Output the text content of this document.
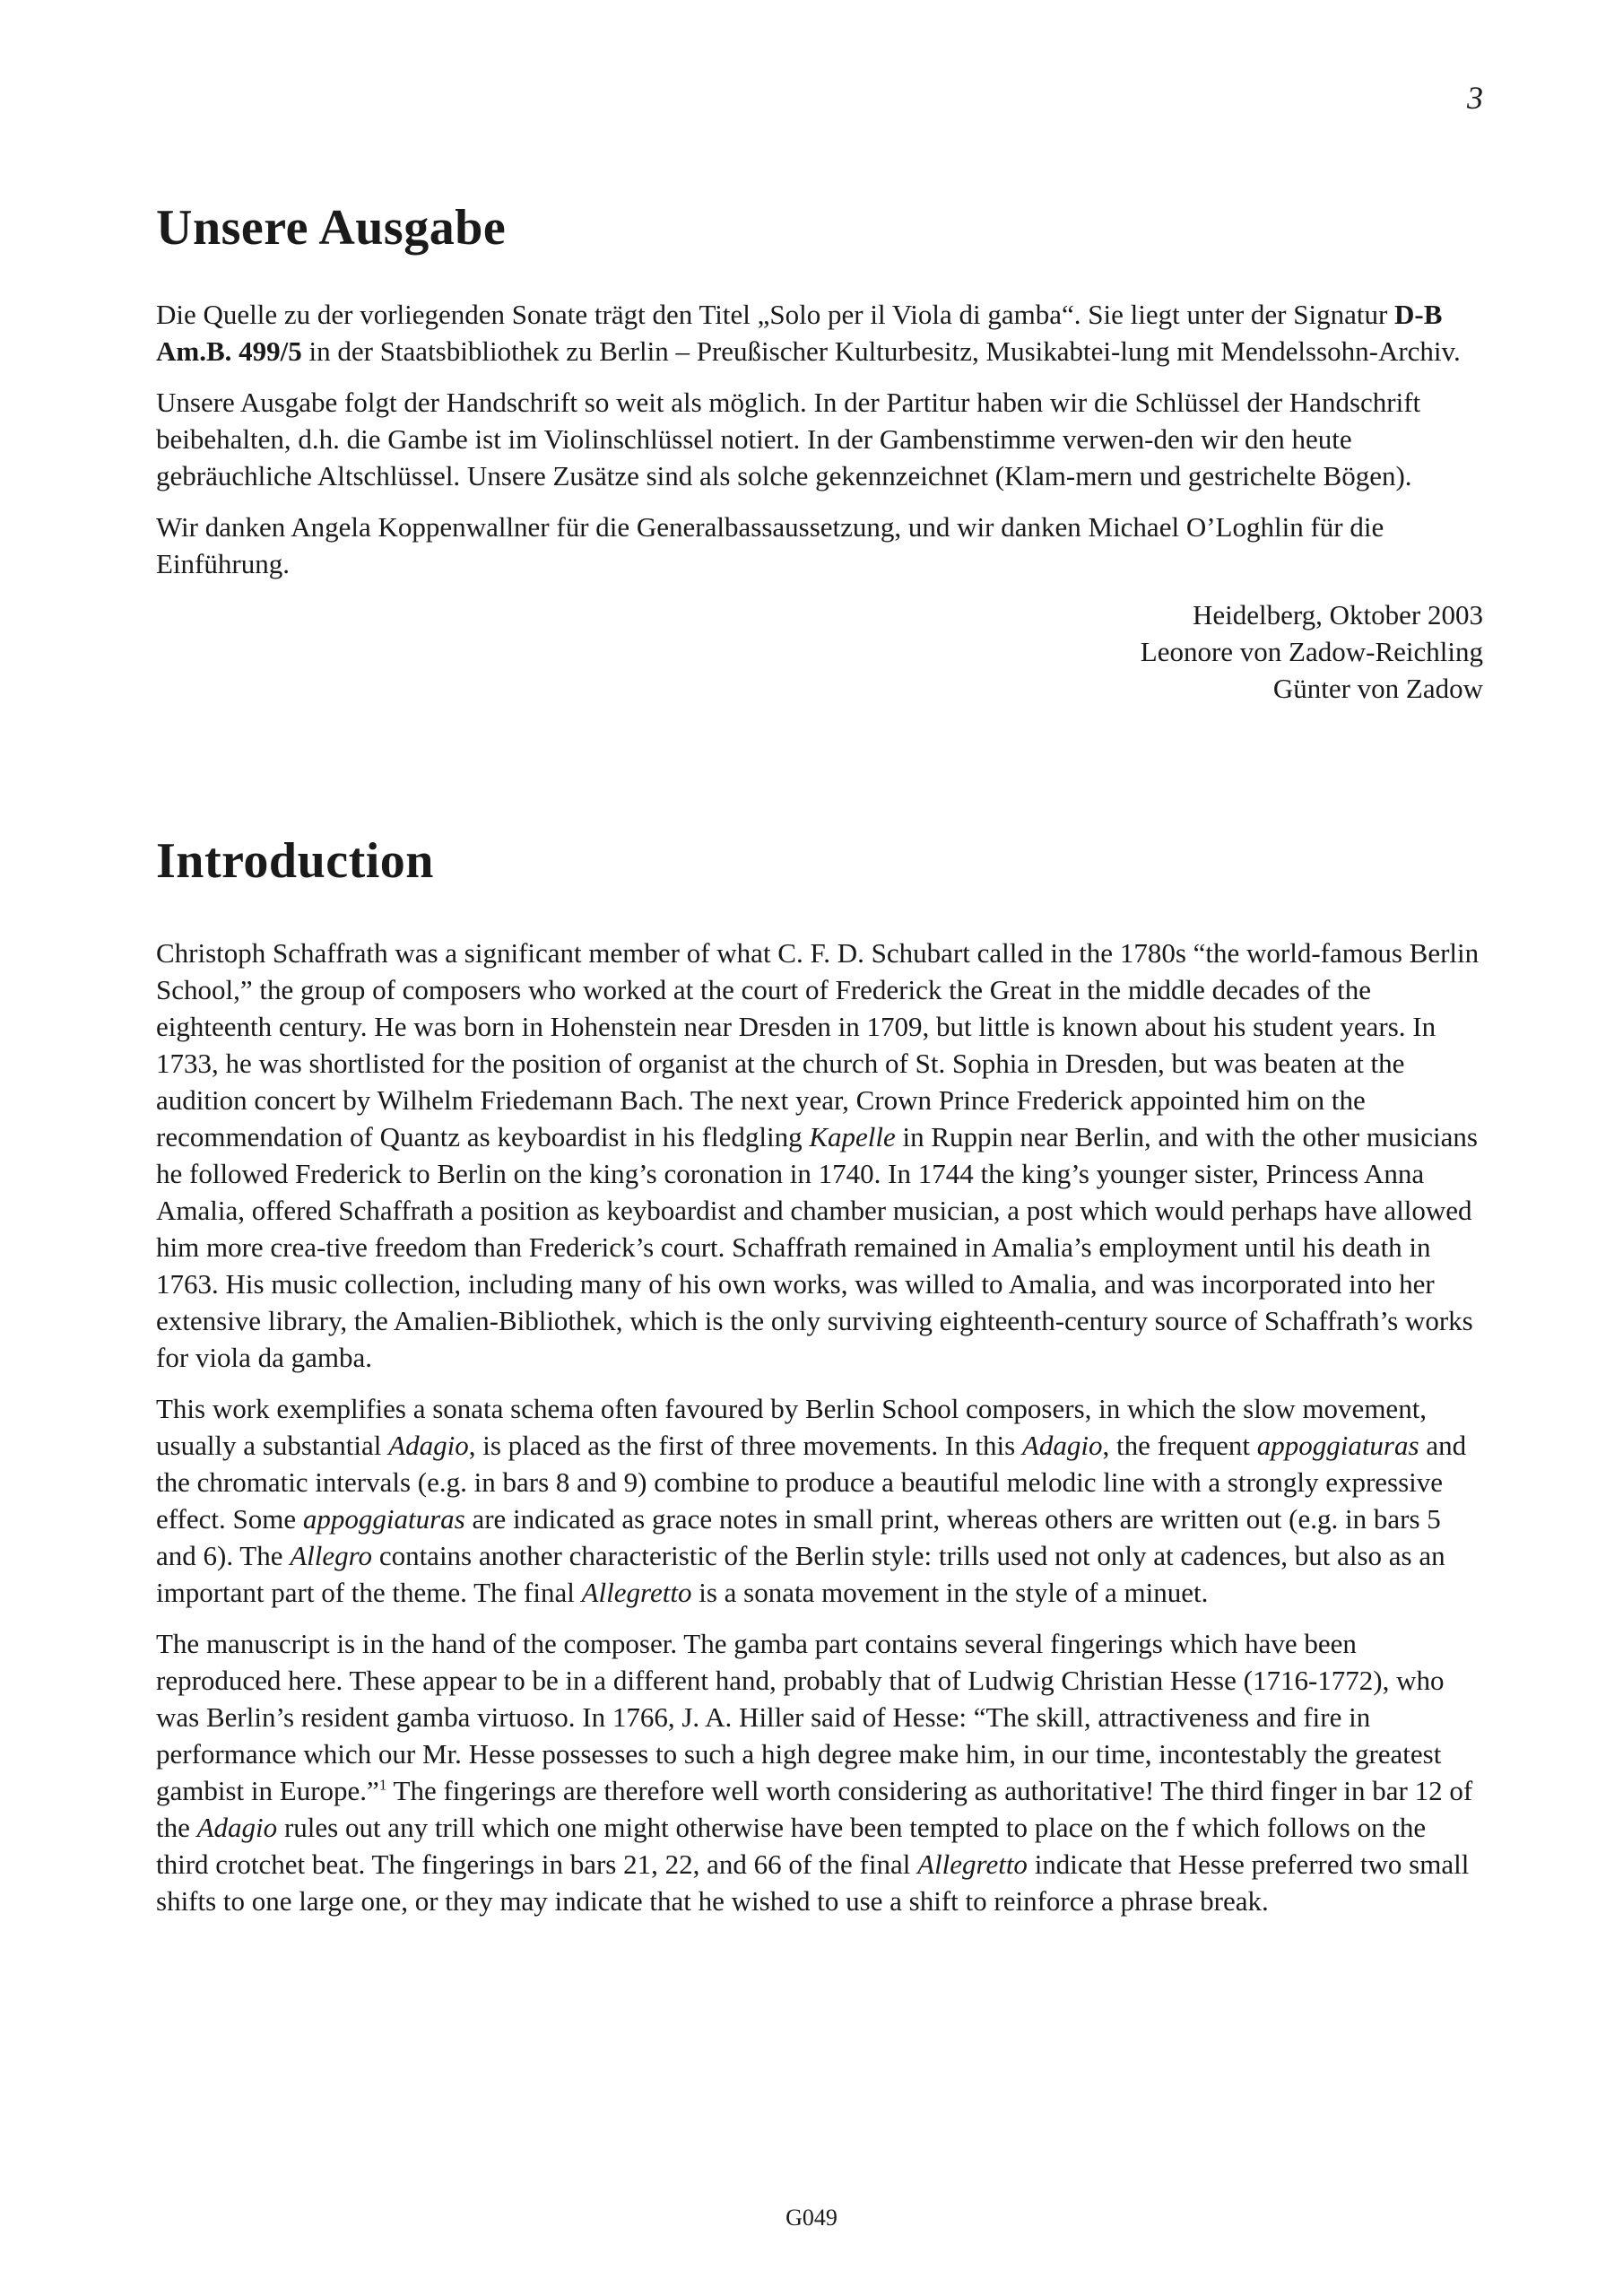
3
Unsere Ausgabe

Die Quelle zu der vorliegenden Sonate trägt den Titel „Solo per il Viola di gamba“. Sie liegt unter der Signatur D-B Am.B. 499/5 in der Staatsbibliothek zu Berlin – Preußischer Kulturbesitz, Musikabtei-lung mit Mendelssohn-Archiv.

Unsere Ausgabe folgt der Handschrift so weit als möglich. In der Partitur haben wir die Schlüssel der Handschrift beibehalten, d.h. die Gambe ist im Violinschlüssel notiert. In der Gambenstimme verwen-den wir den heute gebräuchliche Altschlüssel. Unsere Zusätze sind als solche gekennzeichnet (Klam-mern und gestrichelte Bögen).

Wir danken Angela Koppenwallner für die Generalbassaussetzung, und wir danken Michael O’Loghlin für die Einführung.

Heidelberg, Oktober 2003
Leonore von Zadow-Reichling
Günter von Zadow
Introduction

Christoph Schaffrath was a significant member of what C. F. D. Schubart called in the 1780s “the world-famous Berlin School,” the group of composers who worked at the court of Frederick the Great in the middle decades of the eighteenth century. He was born in Hohenstein near Dresden in 1709, but little is known about his student years. In 1733, he was shortlisted for the position of organist at the church of St. Sophia in Dresden, but was beaten at the audition concert by Wilhelm Friedemann Bach. The next year, Crown Prince Frederick appointed him on the recommendation of Quantz as keyboardist in his fledgling Kapelle in Ruppin near Berlin, and with the other musicians he followed Frederick to Berlin on the king’s coronation in 1740. In 1744 the king’s younger sister, Princess Anna Amalia, offered Schaffrath a position as keyboardist and chamber musician, a post which would perhaps have allowed him more crea-tive freedom than Frederick’s court. Schaffrath remained in Amalia’s employment until his death in 1763. His music collection, including many of his own works, was willed to Amalia, and was incorporated into her extensive library, the Amalien-Bibliothek, which is the only surviving eighteenth-century source of Schaffrath’s works for viola da gamba.

This work exemplifies a sonata schema often favoured by Berlin School composers, in which the slow movement, usually a substantial Adagio, is placed as the first of three movements. In this Adagio, the frequent appoggiaturas and the chromatic intervals (e.g. in bars 8 and 9) combine to produce a beautiful melodic line with a strongly expressive effect. Some appoggiaturas are indicated as grace notes in small print, whereas others are written out (e.g. in bars 5 and 6). The Allegro contains another characteristic of the Berlin style: trills used not only at cadences, but also as an important part of the theme. The final Allegretto is a sonata movement in the style of a minuet.

The manuscript is in the hand of the composer. The gamba part contains several fingerings which have been reproduced here. These appear to be in a different hand, probably that of Ludwig Christian Hesse (1716-1772), who was Berlin’s resident gamba virtuoso. In 1766, J. A. Hiller said of Hesse: “The skill, attractiveness and fire in performance which our Mr. Hesse possesses to such a high degree make him, in our time, incontestably the greatest gambist in Europe.”$^1$ The fingerings are therefore well worth considering as authoritative! The third finger in bar 12 of the Adagio rules out any trill which one might otherwise have been tempted to place on the f which follows on the third crotchet beat. The fingerings in bars 21, 22, and 66 of the final Allegretto indicate that Hesse preferred two small shifts to one large one, or they may indicate that he wished to use a shift to reinforce a phrase break.

G049
